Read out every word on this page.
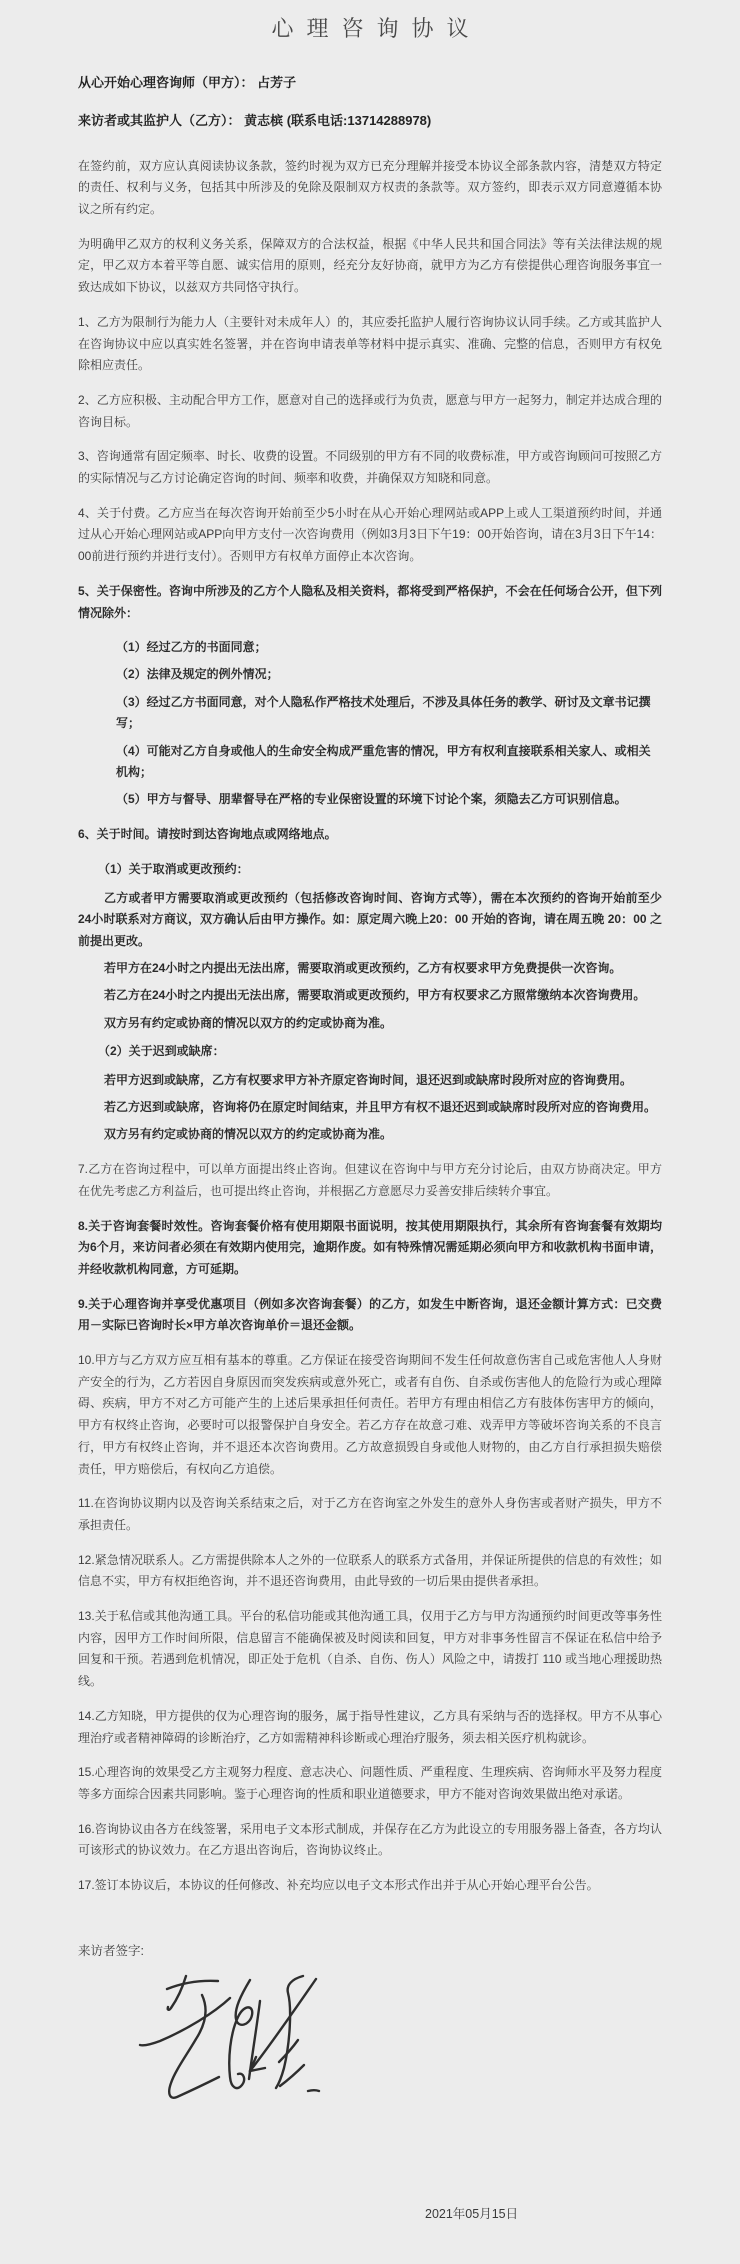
心理咨询协议

从心开始心理咨询师（甲方）： 占芳子

来访者或其监护人（乙方）： 黄志槟 (联系电话:13714288978)

在签约前，双方应认真阅读协议条款，签约时视为双方已充分理解并接受本协议全部条款内容，清楚双方特定的责任、权利与义务，包括其中所涉及的免除及限制双方权责的条款等。双方签约，即表示双方同意遵循本协议之所有约定。

为明确甲乙双方的权利义务关系，保障双方的合法权益，根据《中华人民共和国合同法》等有关法律法规的规定，甲乙双方本着平等自愿、诚实信用的原则，经充分友好协商，就甲方为乙方有偿提供心理咨询服务事宜一致达成如下协议，以兹双方共同恪守执行。

1、乙方为限制行为能力人（主要针对未成年人）的，其应委托监护人履行咨询协议认同手续。乙方或其监护人在咨询协议中应以真实姓名签署，并在咨询申请表单等材料中提示真实、准确、完整的信息，否则甲方有权免除相应责任。

2、乙方应积极、主动配合甲方工作，愿意对自己的选择或行为负责，愿意与甲方一起努力，制定并达成合理的咨询目标。

3、咨询通常有固定频率、时长、收费的设置。不同级别的甲方有不同的收费标准，甲方或咨询顾问可按照乙方的实际情况与乙方讨论确定咨询的时间、频率和收费，并确保双方知晓和同意。

4、关于付费。乙方应当在每次咨询开始前至少5小时在从心开始心理网站或APP上或人工渠道预约时间，并通过从心开始心理网站或APP向甲方支付一次咨询费用（例如3月3日下午19：00开始咨询，请在3月3日下午14：00前进行预约并进行支付）。否则甲方有权单方面停止本次咨询。

5、关于保密性。咨询中所涉及的乙方个人隐私及相关资料，都将受到严格保护，不会在任何场合公开，但下列情况除外：

（1）经过乙方的书面同意；

（2）法律及规定的例外情况；

（3）经过乙方书面同意，对个人隐私作严格技术处理后，不涉及具体任务的教学、研讨及文章书记撰写；

（4）可能对乙方自身或他人的生命安全构成严重危害的情况，甲方有权利直接联系相关家人、或相关机构；

（5）甲方与督导、朋辈督导在严格的专业保密设置的环境下讨论个案，须隐去乙方可识别信息。

6、关于时间。请按时到达咨询地点或网络地点。

（1）关于取消或更改预约：

乙方或者甲方需要取消或更改预约（包括修改咨询时间、咨询方式等），需在本次预约的咨询开始前至少24小时联系对方商议，双方确认后由甲方操作。如：原定周六晚上20：00 开始的咨询，请在周五晚 20：00 之前提出更改。

若甲方在24小时之内提出无法出席，需要取消或更改预约，乙方有权要求甲方免费提供一次咨询。

若乙方在24小时之内提出无法出席，需要取消或更改预约，甲方有权要求乙方照常缴纳本次咨询费用。

双方另有约定或协商的情况以双方的约定或协商为准。

（2）关于迟到或缺席：

若甲方迟到或缺席，乙方有权要求甲方补齐原定咨询时间，退还迟到或缺席时段所对应的咨询费用。

若乙方迟到或缺席，咨询将仍在原定时间结束，并且甲方有权不退还迟到或缺席时段所对应的咨询费用。

双方另有约定或协商的情况以双方的约定或协商为准。

7.乙方在咨询过程中，可以单方面提出终止咨询。但建议在咨询中与甲方充分讨论后，由双方协商决定。甲方在优先考虑乙方利益后，也可提出终止咨询，并根据乙方意愿尽力妥善安排后续转介事宜。

8.关于咨询套餐时效性。咨询套餐价格有使用期限书面说明，按其使用期限执行，其余所有咨询套餐有效期均为6个月，来访问者必须在有效期内使用完，逾期作废。如有特殊情况需延期必须向甲方和收款机构书面申请，并经收款机构同意，方可延期。

9.关于心理咨询并享受优惠项目（例如多次咨询套餐）的乙方，如发生中断咨询，退还金额计算方式：已交费用－实际已咨询时长×甲方单次咨询单价＝退还金额。

10.甲方与乙方双方应互相有基本的尊重。乙方保证在接受咨询期间不发生任何故意伤害自己或危害他人人身财产安全的行为，乙方若因自身原因而突发疾病或意外死亡，或者有自伤、自杀或伤害他人的危险行为或心理障碍、疾病，甲方不对乙方可能产生的上述后果承担任何责任。若甲方有理由相信乙方有肢体伤害甲方的倾向，甲方有权终止咨询，必要时可以报警保护自身安全。若乙方存在故意刁难、戏弄甲方等破坏咨询关系的不良言行，甲方有权终止咨询，并不退还本次咨询费用。乙方故意损毁自身或他人财物的，由乙方自行承担损失赔偿责任，甲方赔偿后，有权向乙方追偿。

11.在咨询协议期内以及咨询关系结束之后，对于乙方在咨询室之外发生的意外人身伤害或者财产损失，甲方不承担责任。

12.紧急情况联系人。乙方需提供除本人之外的一位联系人的联系方式备用，并保证所提供的信息的有效性；如信息不实，甲方有权拒绝咨询，并不退还咨询费用，由此导致的一切后果由提供者承担。

13.关于私信或其他沟通工具。平台的私信功能或其他沟通工具，仅用于乙方与甲方沟通预约时间更改等事务性内容，因甲方工作时间所限，信息留言不能确保被及时阅读和回复，甲方对非事务性留言不保证在私信中给予回复和干预。若遇到危机情况，即正处于危机（自杀、自伤、伤人）风险之中，请拨打 110 或当地心理援助热线。

14.乙方知晓，甲方提供的仅为心理咨询的服务，属于指导性建议，乙方具有采纳与否的选择权。甲方不从事心理治疗或者精神障碍的诊断治疗，乙方如需精神科诊断或心理治疗服务，须去相关医疗机构就诊。

15.心理咨询的效果受乙方主观努力程度、意志决心、问题性质、严重程度、生理疾病、咨询师水平及努力程度等多方面综合因素共同影响。鉴于心理咨询的性质和职业道德要求，甲方不能对咨询效果做出绝对承诺。

16.咨询协议由各方在线签署，采用电子文本形式制成，并保存在乙方为此设立的专用服务器上备查，各方均认可该形式的协议效力。在乙方退出咨询后，咨询协议终止。

17.签订本协议后，本协议的任何修改、补充均应以电子文本形式作出并于从心开始心理平台公告。

来访者签字:

2021年05月15日
